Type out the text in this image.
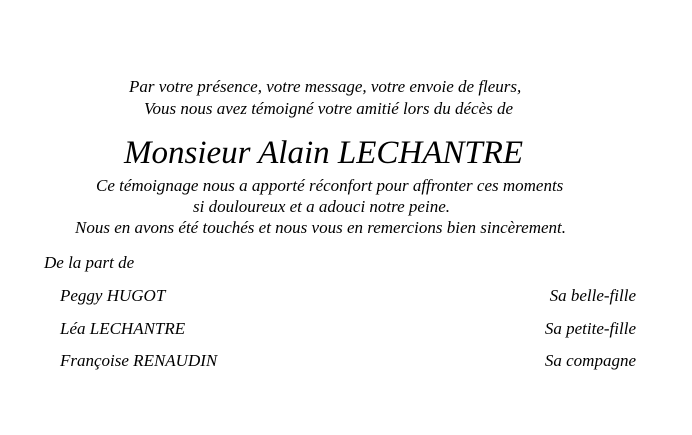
Par votre présence, votre message, votre envoie de fleurs,
Vous nous avez témoigné votre amitié lors du décès de
Monsieur Alain LECHANTRE
Ce témoignage nous a apporté réconfort pour affronter ces moments
si douloureux et a adouci notre peine.
Nous en avons été touchés et nous vous en remercions bien sincèrement.
De la part de
Peggy HUGOT	Sa belle-fille
Léa LECHANTRE	Sa petite-fille
Françoise RENAUDIN	Sa compagne
